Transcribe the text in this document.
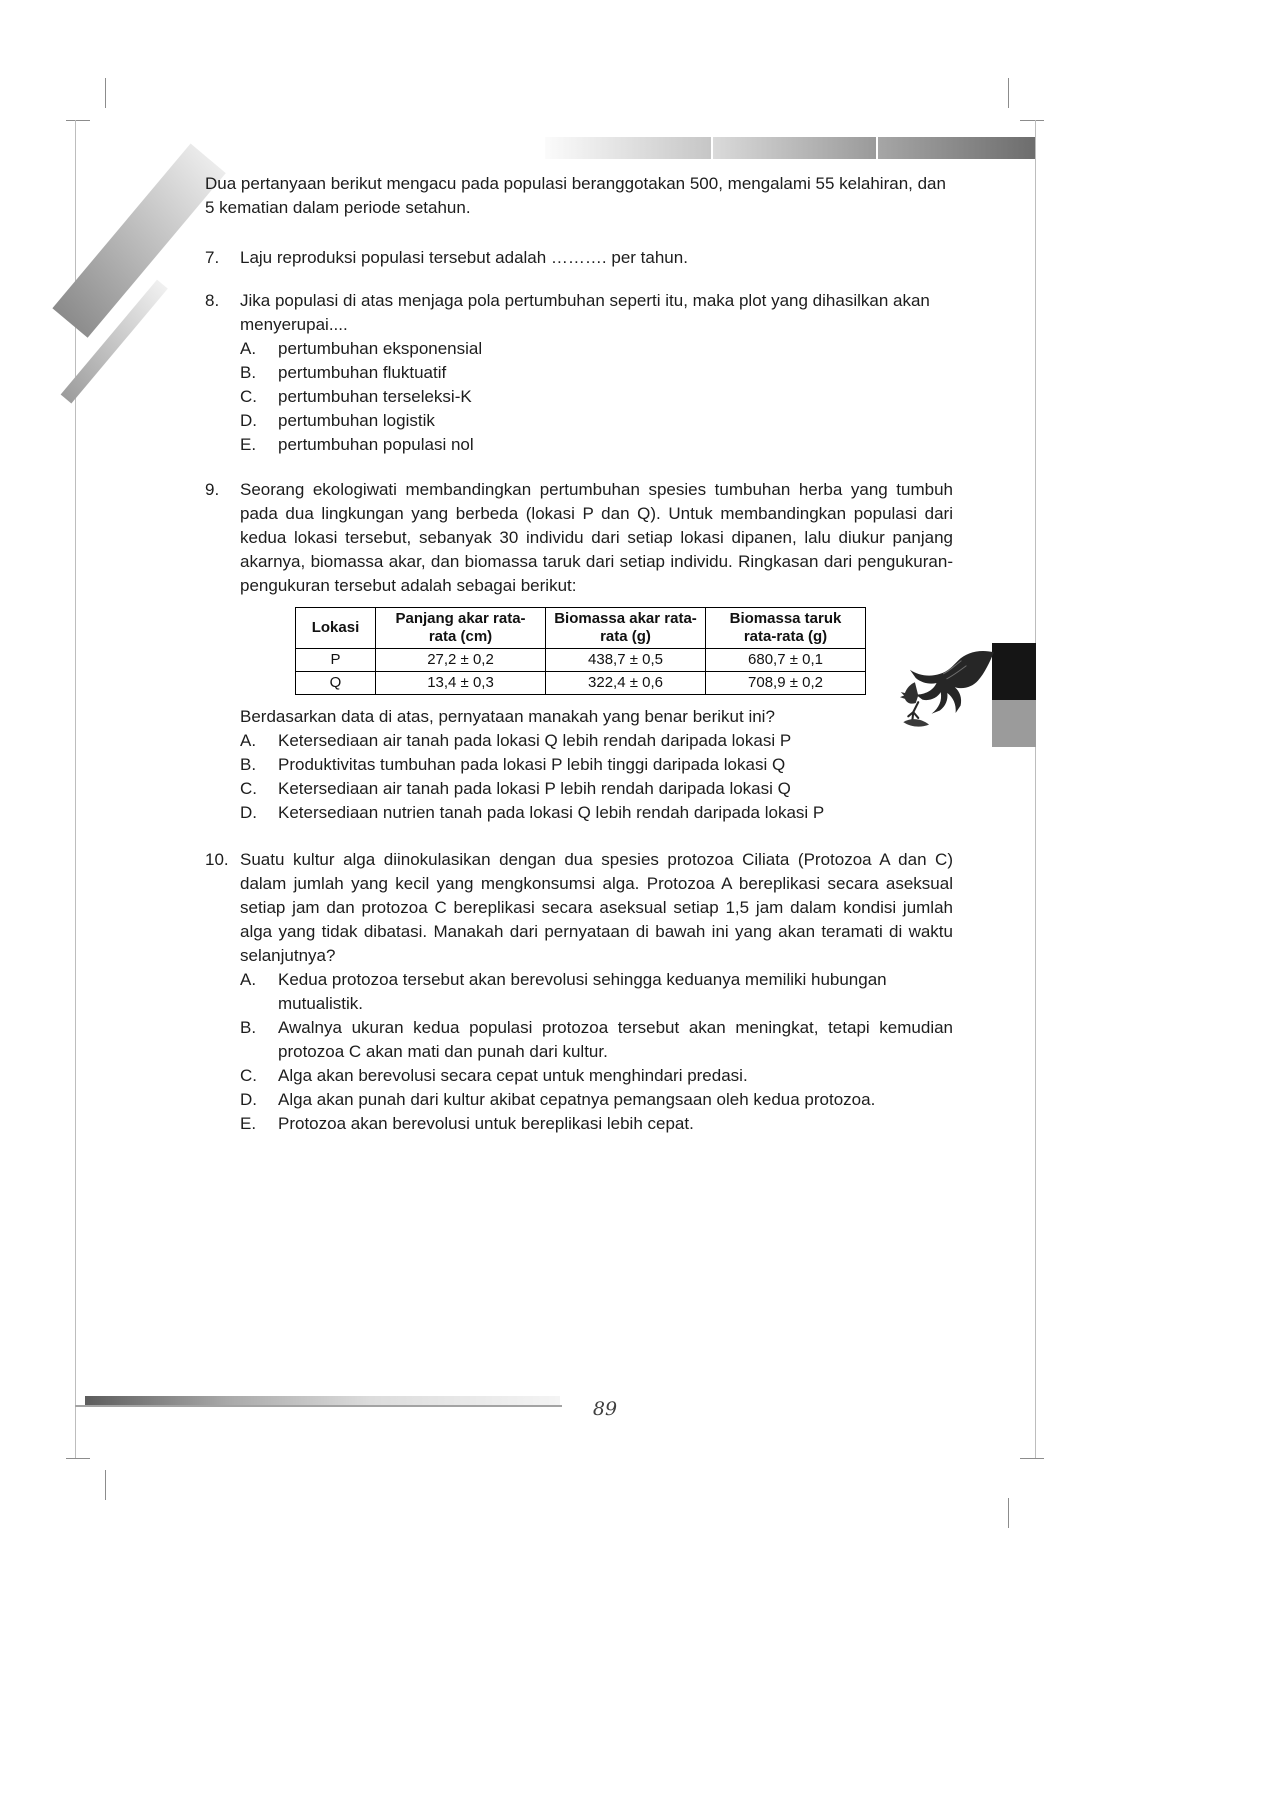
89

Dua pertanyaan berikut mengacu pada populasi beranggotakan 500, mengalami 55 kelahiran, dan 5 kematian dalam periode setahun.

7.	Laju reproduksi populasi tersebut adalah ………. per tahun.
8.	Jika populasi di atas menjaga pola pertumbuhan seperti itu, maka plot yang dihasilkan akan menyerupai....
A.	pertumbuhan eksponensial
B.	pertumbuhan fluktuatif
C.	pertumbuhan terseleksi-K
D.	pertumbuhan logistik
E.	pertumbuhan populasi nol
9.	Seorang ekologiwati membandingkan pertumbuhan spesies tumbuhan herba yang tumbuh pada dua lingkungan yang berbeda (lokasi P dan Q). Untuk membandingkan populasi dari kedua lokasi tersebut, sebanyak 30 individu dari setiap lokasi dipanen, lalu diukur panjang akarnya, biomassa akar, dan biomassa taruk dari setiap individu. Ringkasan dari pengukuran-pengukuran tersebut adalah sebagai berikut:
Lokasi	Panjang akar rata-rata (cm)	Biomassa akar rata-rata (g)	Biomassa taruk rata-rata (g)
P	27,2 ± 0,2	438,7 ± 0,5	680,7 ± 0,1
Q	13,4 ± 0,3	322,4 ± 0,6	708,9 ± 0,2
Berdasarkan data di atas, pernyataan manakah yang benar berikut ini?
A.	Ketersediaan air tanah pada lokasi Q lebih rendah daripada lokasi P
B.	Produktivitas tumbuhan pada lokasi P lebih tinggi daripada lokasi Q
C.	Ketersediaan air tanah pada lokasi P lebih rendah daripada lokasi Q
D.	Ketersediaan nutrien tanah pada lokasi Q lebih rendah daripada lokasi P
10. Suatu kultur alga diinokulasikan dengan dua spesies protozoa Ciliata (Protozoa A dan C) dalam jumlah yang kecil yang mengkonsumsi alga. Protozoa A bereplikasi secara aseksual setiap jam dan protozoa C bereplikasi secara aseksual setiap 1,5 jam dalam kondisi jumlah alga yang tidak dibatasi. Manakah dari pernyataan di bawah ini yang akan teramati di waktu selanjutnya?
A.	Kedua protozoa tersebut akan berevolusi sehingga keduanya memiliki hubungan mutualistik.
B.	Awalnya ukuran kedua populasi protozoa tersebut akan meningkat, tetapi kemudian protozoa C akan mati dan punah dari kultur.
C.	Alga akan berevolusi secara cepat untuk menghindari predasi.
D.	Alga akan punah dari kultur akibat cepatnya pemangsaan oleh kedua protozoa.
E.	Protozoa akan berevolusi untuk bereplikasi lebih cepat.
